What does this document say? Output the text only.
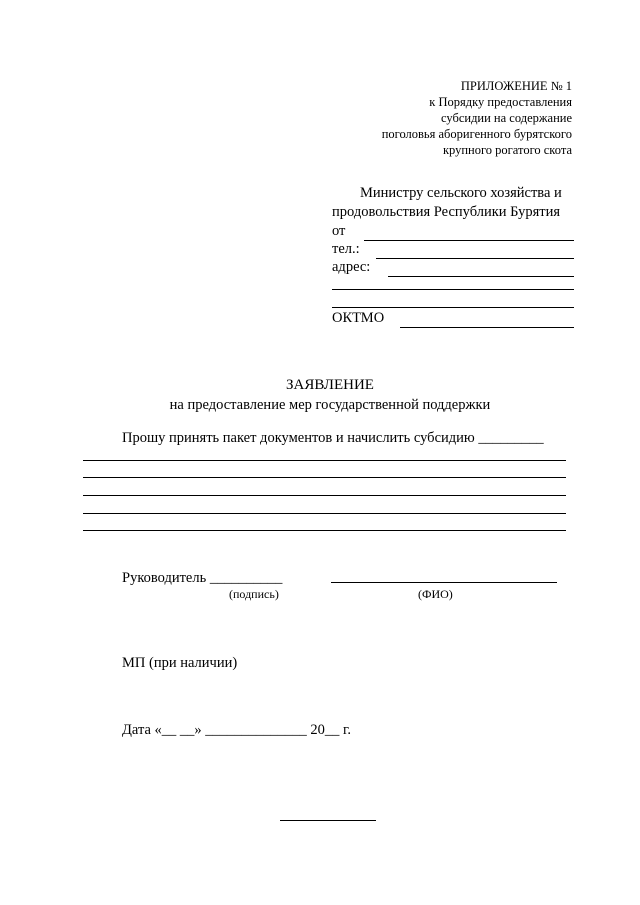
ПРИЛОЖЕНИЕ № 1
к Порядку предоставления
субсидии на содержание
поголовья аборигенного бурятского
крупного рогатого скота
Министру сельского хозяйства и
продовольствия Республики Бурятия
от
тел.:
адрес:
ОКТМО
ЗАЯВЛЕНИЕ
на предоставление мер государственной поддержки
Прошу принять пакет документов и начислить субсидию _________
Руководитель __________
(подпись)	(ФИО)
МП (при наличии)
Дата «__ __» ______________ 20__ г.
